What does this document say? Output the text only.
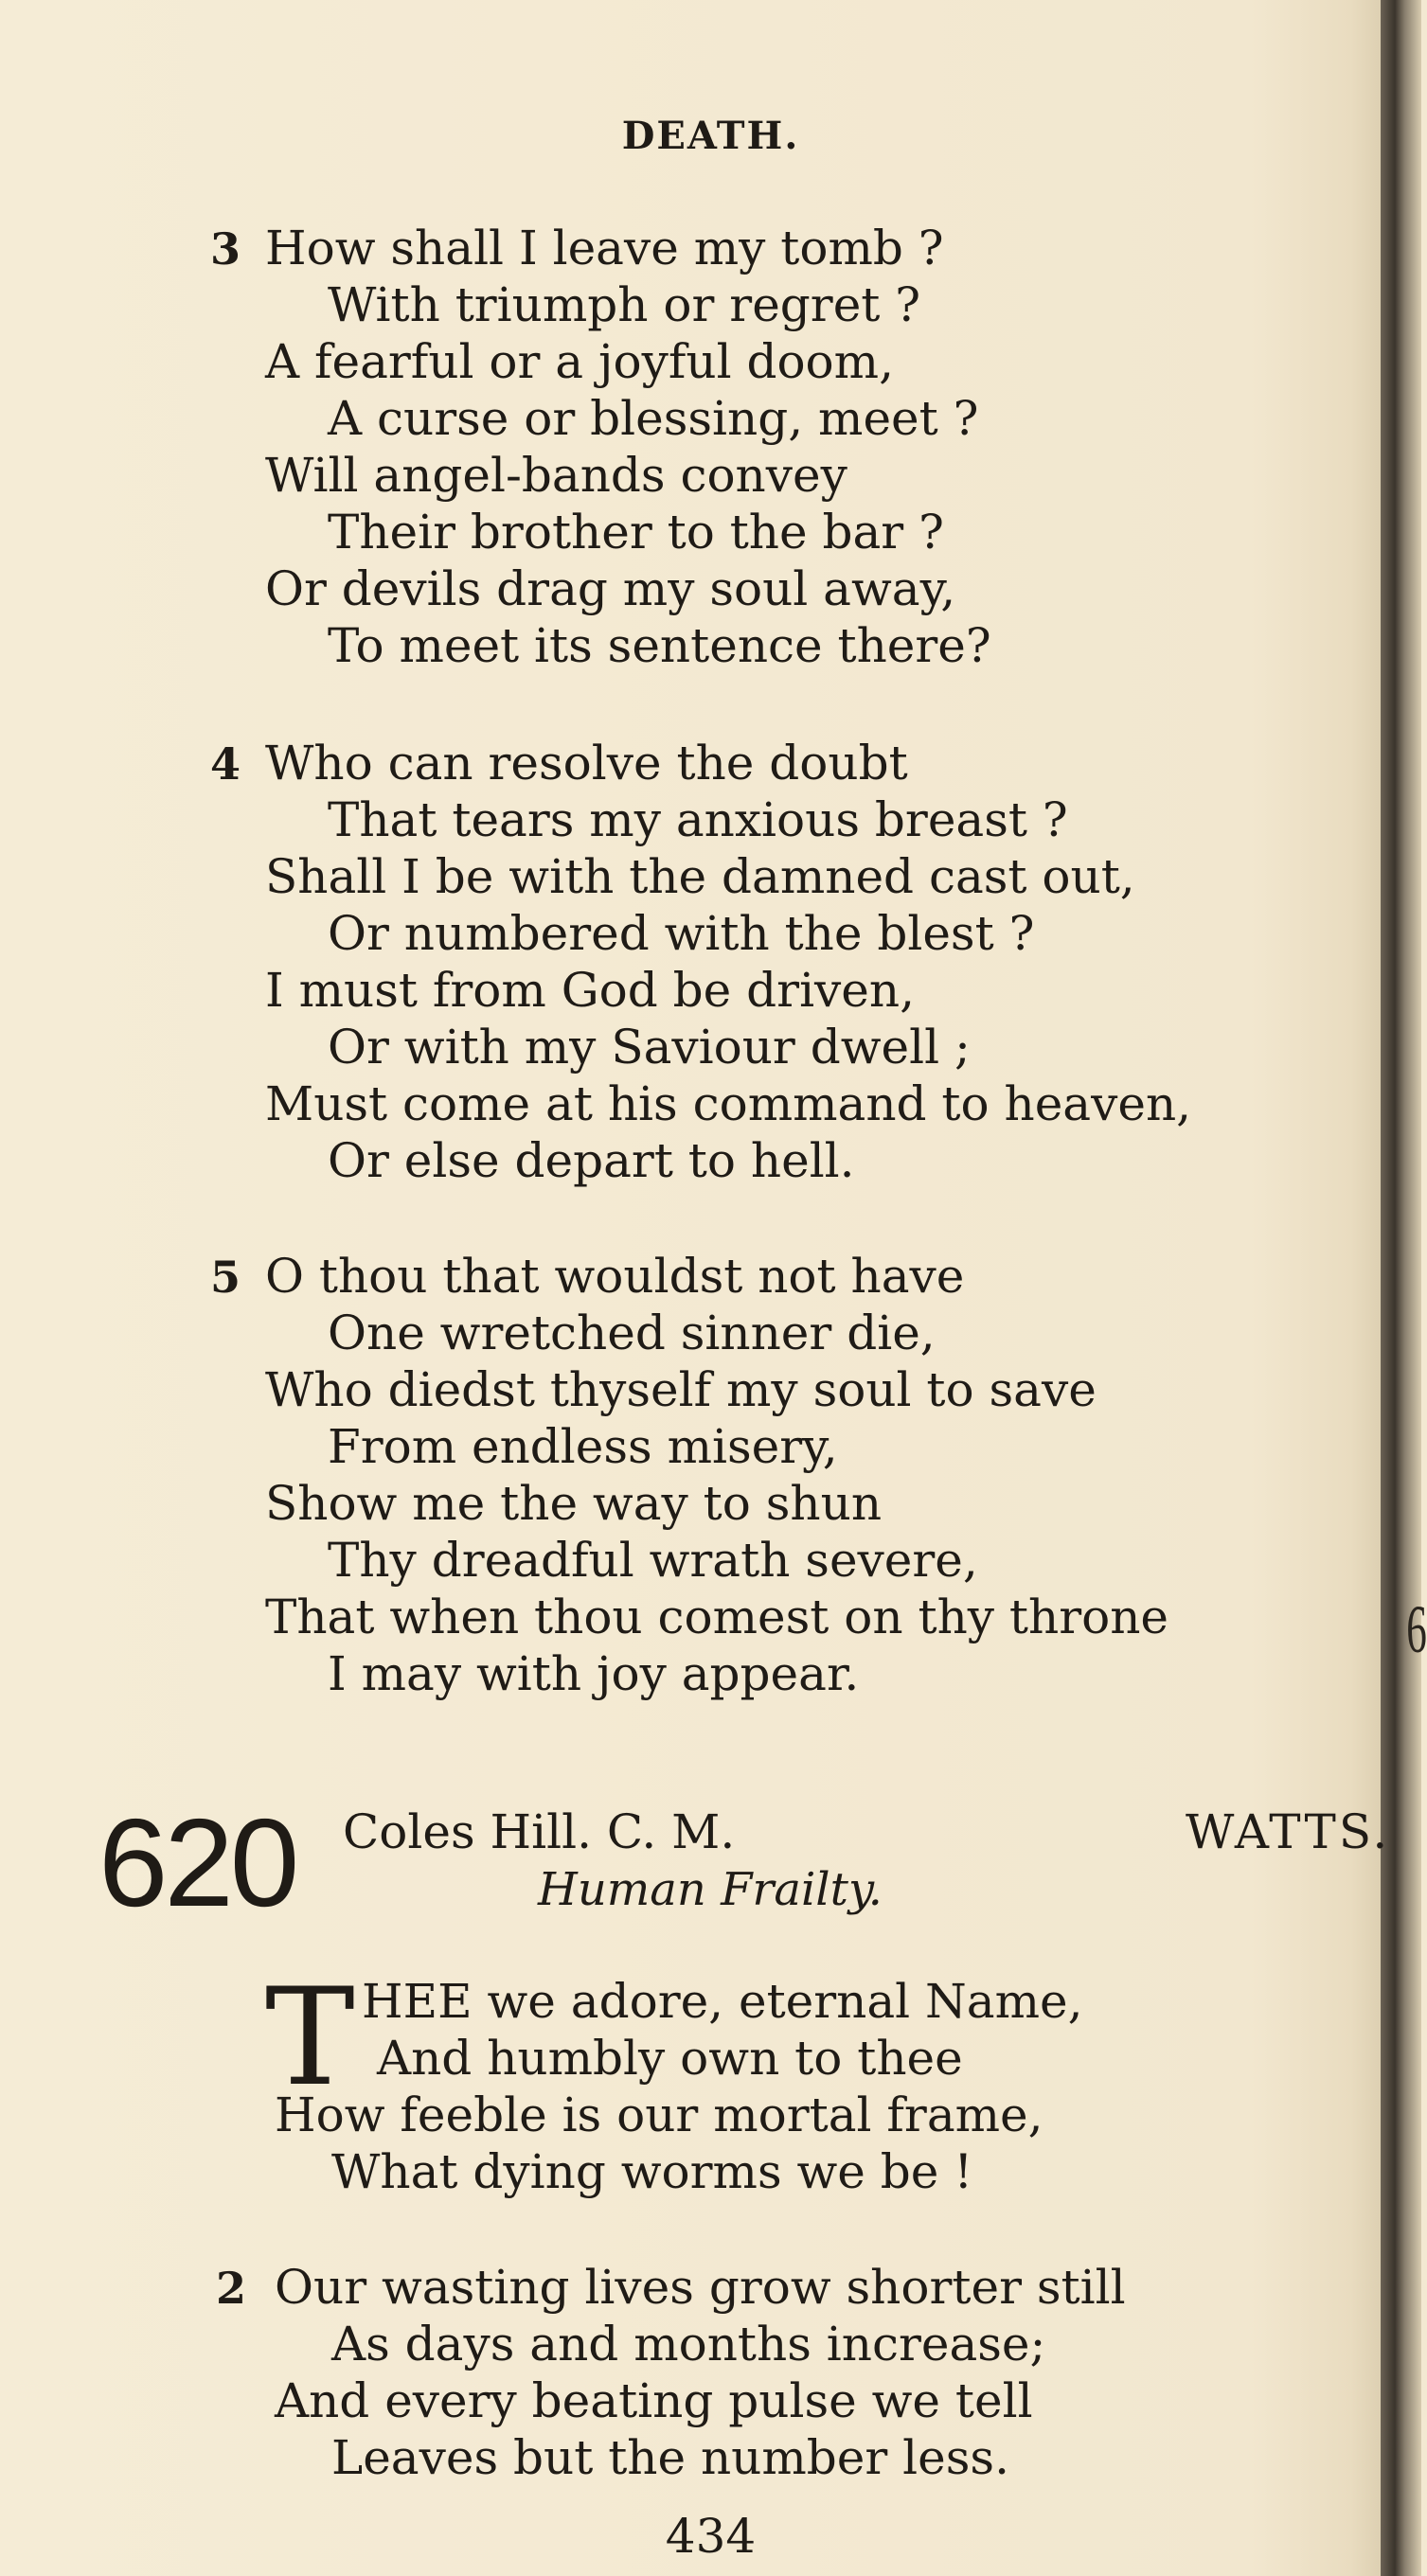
6
DEATH.
3 How shall I leave my tomb ?
With triumph or regret ?
A fearful or a joyful doom,
A curse or blessing, meet ?
Will angel-bands convey
Their brother to the bar ?
Or devils drag my soul away,
To meet its sentence there?
4 Who can resolve the doubt
That tears my anxious breast ?
Shall I be with the damned cast out,
Or numbered with the blest ?
I must from God be driven,
Or with my Saviour dwell ;
Must come at his command to heaven,
Or else depart to hell.
5 O thou that wouldst not have
One wretched sinner die,
Who diedst thyself my soul to save
From endless misery,
Show me the way to shun
Thy dreadful wrath severe,
That when thou comest on thy throne
I may with joy appear.
620 Coles Hill. C. M.	WATTS.
Human Frailty.
T HEE we adore, eternal Name,
And humbly own to thee
How feeble is our mortal frame,
What dying worms we be !
2 Our wasting lives grow shorter still
As days and months increase;
And every beating pulse we tell
Leaves but the number less.
434
